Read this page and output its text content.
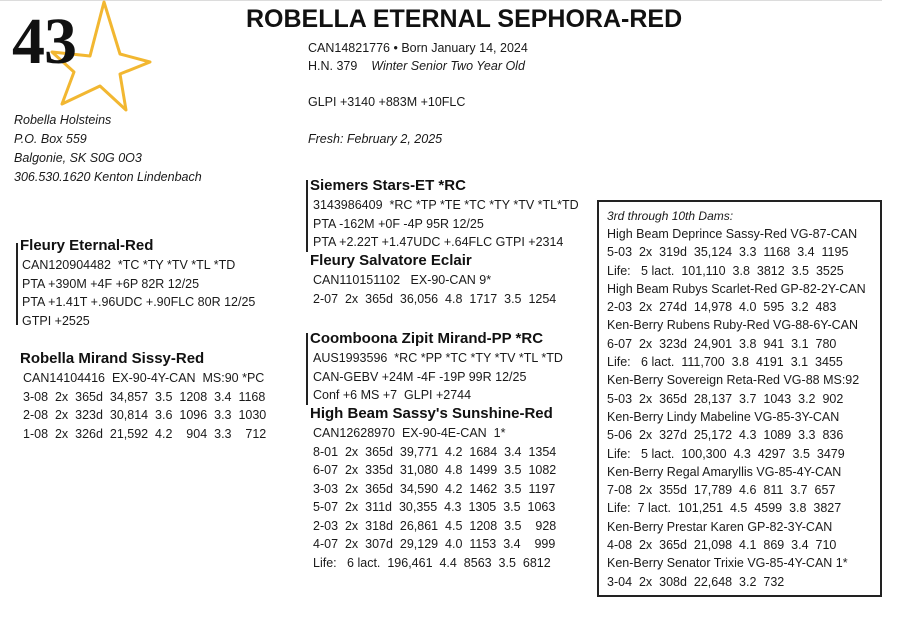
43	ROBELLA ETERNAL SEPHORA-RED
CAN14821776 • Born January 14, 2024
H.N. 379 Winter Senior Two Year Old
GLPI +3140 +883M +10FLC
Fresh: February 2, 2025
Robella Holsteins
P.O. Box 559
Balgonie, SK S0G 0O3
306.530.1620 Kenton Lindenbach
Fleury Eternal-Red
CAN120904482  *TC *TY *TV *TL *TD
PTA +390M +4F +6P 82R 12/25
PTA +1.41T +.96UDC +.90FLC 80R 12/25
GTPI +2525
Robella Mirand Sissy-Red
CAN14104416  EX-90-4Y-CAN  MS:90 *PC
3-08  2x  365d  34,857  3.5  1208  3.4  1168
2-08  2x  323d  30,814  3.6  1096  3.3  1030
1-08  2x  326d  21,592  4.2    904  3.3    712
Siemers Stars-ET *RC
3143986409  *RC *TP *TE *TC *TY *TV *TL*TD
PTA -162M +0F -4P 95R 12/25
PTA +2.22T +1.47UDC +.64FLC GTPI +2314
Fleury Salvatore Eclair
CAN110151102   EX-90-CAN 9*
2-07  2x  365d  36,056  4.8  1717  3.5  1254
Coomboona Zipit Mirand-PP *RC
AUS1993596  *RC *PP *TC *TY *TV *TL *TD
CAN-GEBV +24M -4F -19P 99R 12/25
Conf +6 MS +7  GLPI +2744
High Beam Sassy's Sunshine-Red
CAN12628970  EX-90-4E-CAN  1*
8-01  2x  365d  39,771  4.2  1684  3.4  1354
6-07  2x  335d  31,080  4.8  1499  3.5  1082
3-03  2x  365d  34,590  4.2  1462  3.5  1197
5-07  2x  311d  30,355  4.3  1305  3.5  1063
2-03  2x  318d  26,861  4.5  1208  3.5    928
4-07  2x  307d  29,129  4.0  1153  3.4    999
Life:   6 lact.  196,461  4.4  8563  3.5  6812
3rd through 10th Dams:
High Beam Deprince Sassy-Red VG-87-CAN
5-03  2x  319d  35,124  3.3  1168  3.4  1195
Life:   5 lact.  101,110  3.8  3812  3.5  3525
High Beam Rubys Scarlet-Red GP-82-2Y-CAN
2-03  2x  274d  14,978  4.0  595  3.2  483
Ken-Berry Rubens Ruby-Red VG-88-6Y-CAN
6-07  2x  323d  24,901  3.8  941  3.1  780
Life:   6 lact.  111,700  3.8  4191  3.1  3455
Ken-Berry Sovereign Reta-Red VG-88 MS:92
5-03  2x  365d  28,137  3.7  1043  3.2  902
Ken-Berry Lindy Mabeline VG-85-3Y-CAN
5-06  2x  327d  25,172  4.3  1089  3.3  836
Life:   5 lact.  100,300  4.3  4297  3.5  3479
Ken-Berry Regal Amaryllis VG-85-4Y-CAN
7-08  2x  355d  17,789  4.6  811  3.7  657
Life:  7 lact.  101,251  4.5  4599  3.8  3827
Ken-Berry Prestar Karen GP-82-3Y-CAN
4-08  2x  365d  21,098  4.1  869  3.4  710
Ken-Berry Senator Trixie VG-85-4Y-CAN 1*
3-04  2x  308d  22,648  3.2  732
